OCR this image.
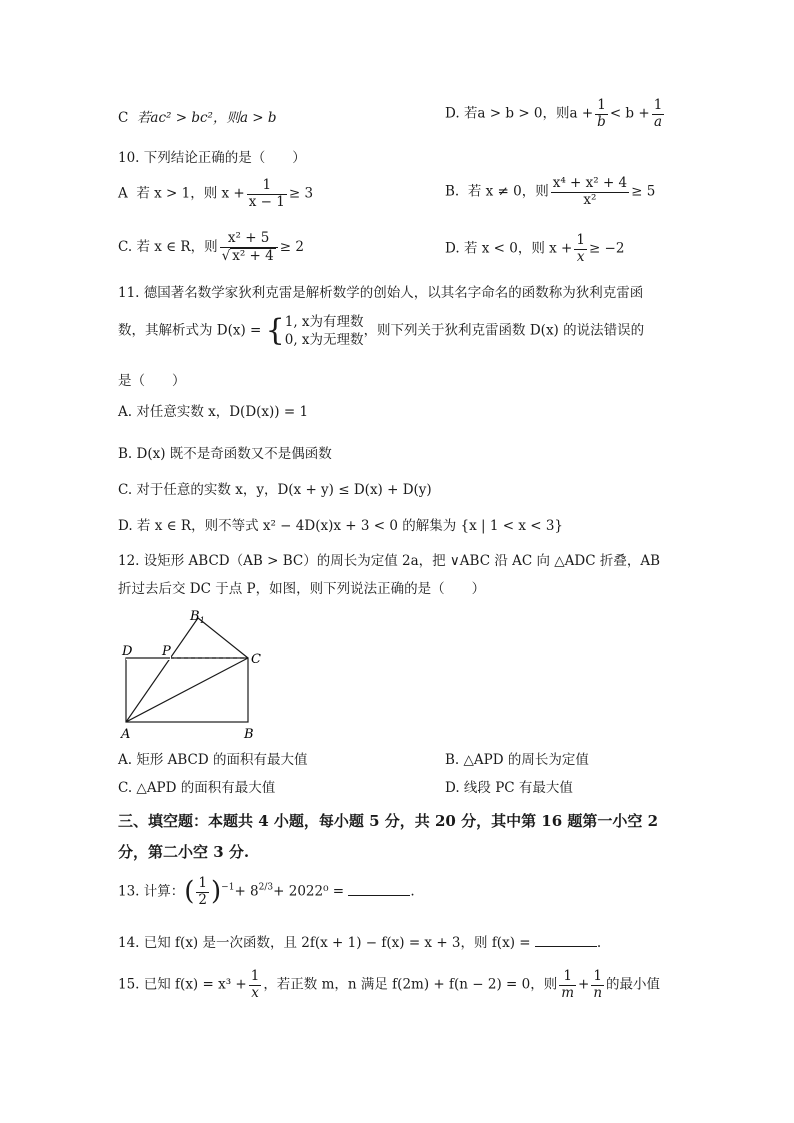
C 若ac² > bc²，则a > b	D. 若a > b > 0，则$a + \frac{1}{b} < b + \frac{1}{a}$
10. 下列结论正确的是（　　）
A 若 x > 1，则 $x + \frac{1}{x - 1} \ge 3$	B. 若 x ≠ 0，则 $\frac{\text{x⁴ + x² + 4}}{\text{x²}} \ge 5$
C. 若 x ∈ R，则 $\frac{\text{x² + 5}}{\text{√ x² + 4}} \ge 2$	D. 若 x < 0，则 $x + \frac{1}{x} \ge -2$
11. 德国著名数学家狄利克雷是解析数学的创始人，以其名字命名的函数称为狄利克雷函
数，其解析式为 D(x) = { 1, x为有理数
0, x为无理数
，则下列关于狄利克雷函数 D(x) 的说法错误的
是（　　）
A. 对任意实数 x，D(D(x)) = 1
B. D(x) 既不是奇函数又不是偶函数
C. 对于任意的实数 x，y，D(x + y) ≤ D(x) + D(y)
D. 若 x ∈ R，则不等式 x² − 4D(x)x + 3 < 0 的解集为 {x | 1 < x < 3}
12. 设矩形 ABCD（AB > BC）的周长为定值 2a，把 ∨ABC 沿 AC 向 △ADC 折叠，AB
折过去后交 DC 于点 P，如图，则下列说法正确的是（　　）
$B_1$
D P
C
A	B
A. 矩形 ABCD 的面积有最大值	B. △APD 的周长为定值
C. △APD 的面积有最大值	D. 线段 PC 有最大值
三、填空题：本题共 4 小题，每小题 5 分，共 20 分，其中第 16 题第一小空 2
分，第二小空 3 分.
13. 计算：( $\frac{1}{2} )^{-1}+ 8^{2/3}+ 2022^0$ =	.
14. 已知 f(x) 是一次函数，且 2f(x + 1) − f(x) = x + 3，则 f(x) =	.
15. 已知 $f(x) = x^3 + \frac{1}{x}$ ，若正数 m，n 满足 f(2m) + f(n − 2) = 0，则 $\frac{1}{m} + \frac{1}{n}$ 的最小值
